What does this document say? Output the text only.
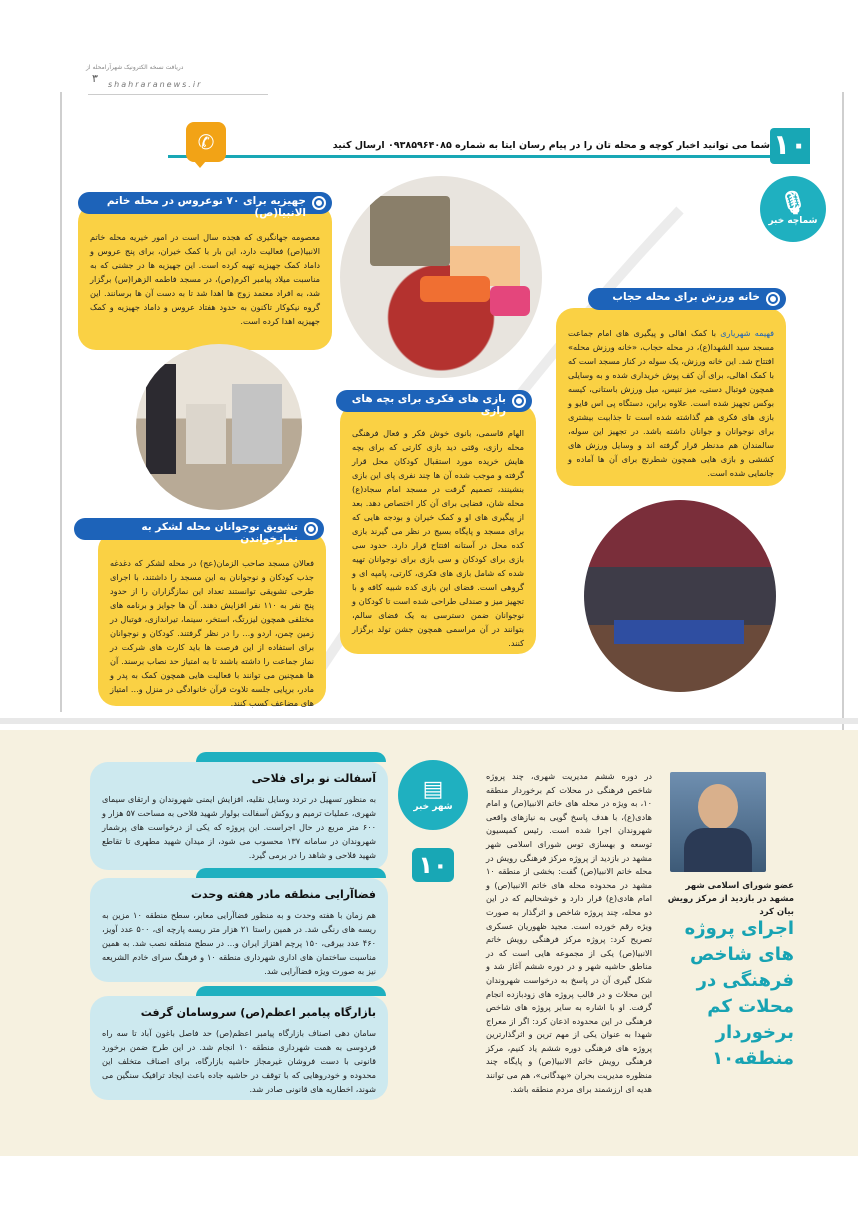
دریافت نسخه الکترونیک شهرآرامحله از
۳ shahraranews.ir
شما می توانید اخبار کوچه و محله تان را در پیام رسان ایتا به شماره ۰۹۳۸۵۹۶۴۰۸۵ ارسال کنید
✆	۱۰
🎙
شماچه خبر
معصومه جهانگیری که هجده سال است در امور خیریه محله خاتم الانبیا(ص) فعالیت دارد، این بار با کمک خیران، برای پنج عروس و داماد کمک جهیزیه تهیه کرده است. این جهیزیه ها در جشنی که به مناسبت میلاد پیامبر اکرم(ص)، در مسجد فاطمه الزهرا(س) برگزار شد، به افراد معتمد زوج ها اهدا شد تا به دست آن ها برسانند. این گروه نیکوکار تاکنون به حدود هفتاد عروس و داماد جهیزیه و کمک جهیزیه اهدا کرده است.
جهیزیه برای ۷۰ نوعروس در محله خاتم الانبیا(ص)
فهیمه شهریاری با کمک اهالی و پیگیری های امام جماعت مسجد سید الشهدا(ع)، در محله حجاب، «خانه ورزش محله» افتتاح شد. این خانه ورزش، یک سوله در کنار مسجد است که با کمک اهالی، برای آن کف پوش خریداری شده و به وسایلی همچون فوتبال دستی، میز تنیس، میل ورزش باستانی، کیسه بوکس تجهیز شده است. علاوه براین، دستگاه پی اس فایو و بازی های فکری هم گذاشته شده است تا جذابیت بیشتری برای نوجوانان و جوانان داشته باشد. در تجهیز این سوله، سالمندان هم مدنظر قرار گرفته اند و وسایل ورزش های کششی و بازی هایی همچون شطرنج برای آن ها آماده و جانمایی شده است.
خانه ورزش برای محله حجاب
الهام قاسمی، بانوی خوش فکر و فعال فرهنگی محله رازی، وقتی دید بازی کارتی که برای بچه هایش خریده مورد استقبال کودکان محل قرار گرفته و موجب شده آن ها چند نفری پای این بازی بنشینند، تصمیم گرفت در مسجد امام سجاد(ع) محله شان، فضایی برای آن کار اختصاص دهد. بعد از پیگیری های او و کمک خیران و بودجه هایی که برای مسجد و پایگاه بسیج در نظر می گیرند بازی کده محل در آستانه افتتاح قرار دارد. حدود سی بازی برای کودکان و سی بازی برای نوجوانان تهیه شده که شامل بازی های فکری، کارتی، پامپه ای و گروهی است. فضای این بازی کده شبیه کافه و با تجهیز میز و صندلی طراحی شده است تا کودکان و نوجوانان ضمن دسترسی به یک فضای سالم، بتوانند در آن مراسمی همچون جشن تولد برگزار کنند.
بازی های فکری برای بچه های رازی
فعالان مسجد صاحب الزمان(عج) در محله لشکر که دغدغه جذب کودکان و نوجوانان به این مسجد را داشتند، با اجرای طرحی تشویقی توانستند تعداد این نمازگزاران را از حدود پنج نفر به ۱۱۰ نفر افزایش دهند. آن ها جوایز و برنامه های مختلفی همچون لیزرتگ، استخر، سینما، تیراندازی، فوتبال در زمین چمن، اردو و... را در نظر گرفتند. کودکان و نوجوانان برای استفاده از این فرصت ها باید کارت های شرکت در نماز جماعت را داشته باشند تا به امتیاز حد نصاب برسند. آن ها همچنین می توانند با فعالیت هایی همچون کمک به پدر و مادر، برپایی جلسه تلاوت قرآن خانوادگی در منزل و... امتیاز های مضاعف کسب کنند.
تشویق نوجوانان محله لشکر به نمازخواندن
آسفالت نو برای فلاحی
به منظور تسهیل در تردد وسایل نقلیه، افزایش ایمنی شهروندان و ارتقای سیمای شهری، عملیات ترمیم و روکش آسفالت بولوار شهید فلاحی به مساحت ۵۷ هزار و ۶۰۰ متر مربع در حال اجراست. این پروژه که یکی از درخواست های پرشمار شهروندان در سامانه ۱۳۷ محسوب می شود، از میدان شهید مطهری تا تقاطع شهید فلاحی و شاهد را در برمی گیرد.
فضاآرایی منطقه مادر هفته وحدت
هم زمان با هفته وحدت و به منظور فضاآرایی معابر، سطح منطقه ۱۰ مزین به ریسه های رنگی شد. در همین راستا ۲۱ هزار متر ریسه پارچه ای، ۵۰۰ عدد آویز، ۴۶۰ عدد بیرقی، ۱۵۰ پرچم اهتزاز ایران و... در سطح منطقه نصب شد. به همین مناسبت ساختمان های اداری شهرداری منطقه ۱۰ و فرهنگ سرای خادم الشریعه نیز به صورت ویژه فضاآرایی شد.
بازارگاه پیامبر اعظم(ص) سروسامان گرفت
سامان دهی اصناف بازارگاه پیامبر اعظم(ص) حد فاصل باغون آباد تا سه راه فردوسی به همت شهرداری منطقه ۱۰ انجام شد. در این طرح ضمن برخورد قانونی با دست فروشان غیرمجاز حاشیه بازارگاه، برای اصناف متخلف این محدوده و خودروهایی که با توقف در حاشیه جاده باعث ایجاد ترافیک سنگین می شوند، اخطاریه های قانونی صادر شد.
▤
شهر خبر
۱۰
در دوره ششم مدیریت شهری، چند پروژه شاخص فرهنگی در محلات کم برخوردار منطقه ۱۰، به ویژه در محله های خاتم الانبیا(ص) و امام هادی(ع)، با هدف پاسخ گویی به نیازهای واقعی شهروندان اجرا شده است. رئیس کمیسیون توسعه و بهسازی توس شورای اسلامی شهر مشهد در بازدید از پروژه مرکز فرهنگی رویش در محله خاتم الانبیا(ص) گفت: بخشی از منطقه ۱۰ مشهد در محدوده محله های خاتم الانبیا(ص) و امام هادی(ع) قرار دارد و خوشحالیم که در این دو محله، چند پروژه شاخص و اثرگذار به صورت ویژه رقم خورده است. مجید ظهوریان عسکری تصریح کرد: پروژه مرکز فرهنگی رویش خاتم الانبیا(ص) یکی از مجموعه هایی است که در مناطق حاشیه شهر و در دوره ششم آغاز شد و شکل گیری آن در پاسخ به درخواست شهروندان این محلات و در قالب پروژه های زودبازده انجام گرفت. او با اشاره به سایر پروژه های شاخص فرهنگی در این محدوده اذعان کرد: اگر از معراج شهدا به عنوان یکی از مهم ترین و اثرگذارترین پروژه های فرهنگی دوره ششم یاد کنیم، مرکز فرهنگی رویش خاتم الانبیا(ص) و پایگاه چند منظوره مدیریت بحران «بهدگانی»، هم می توانند هدیه ای ارزشمند برای مردم منطقه باشد.
عضو شورای اسلامی شهر مشهد در بازدید از مرکز رویش بیان کرد
اجرای پروژه های شاخص فرهنگی در محلات کم برخوردار منطقه۱۰
